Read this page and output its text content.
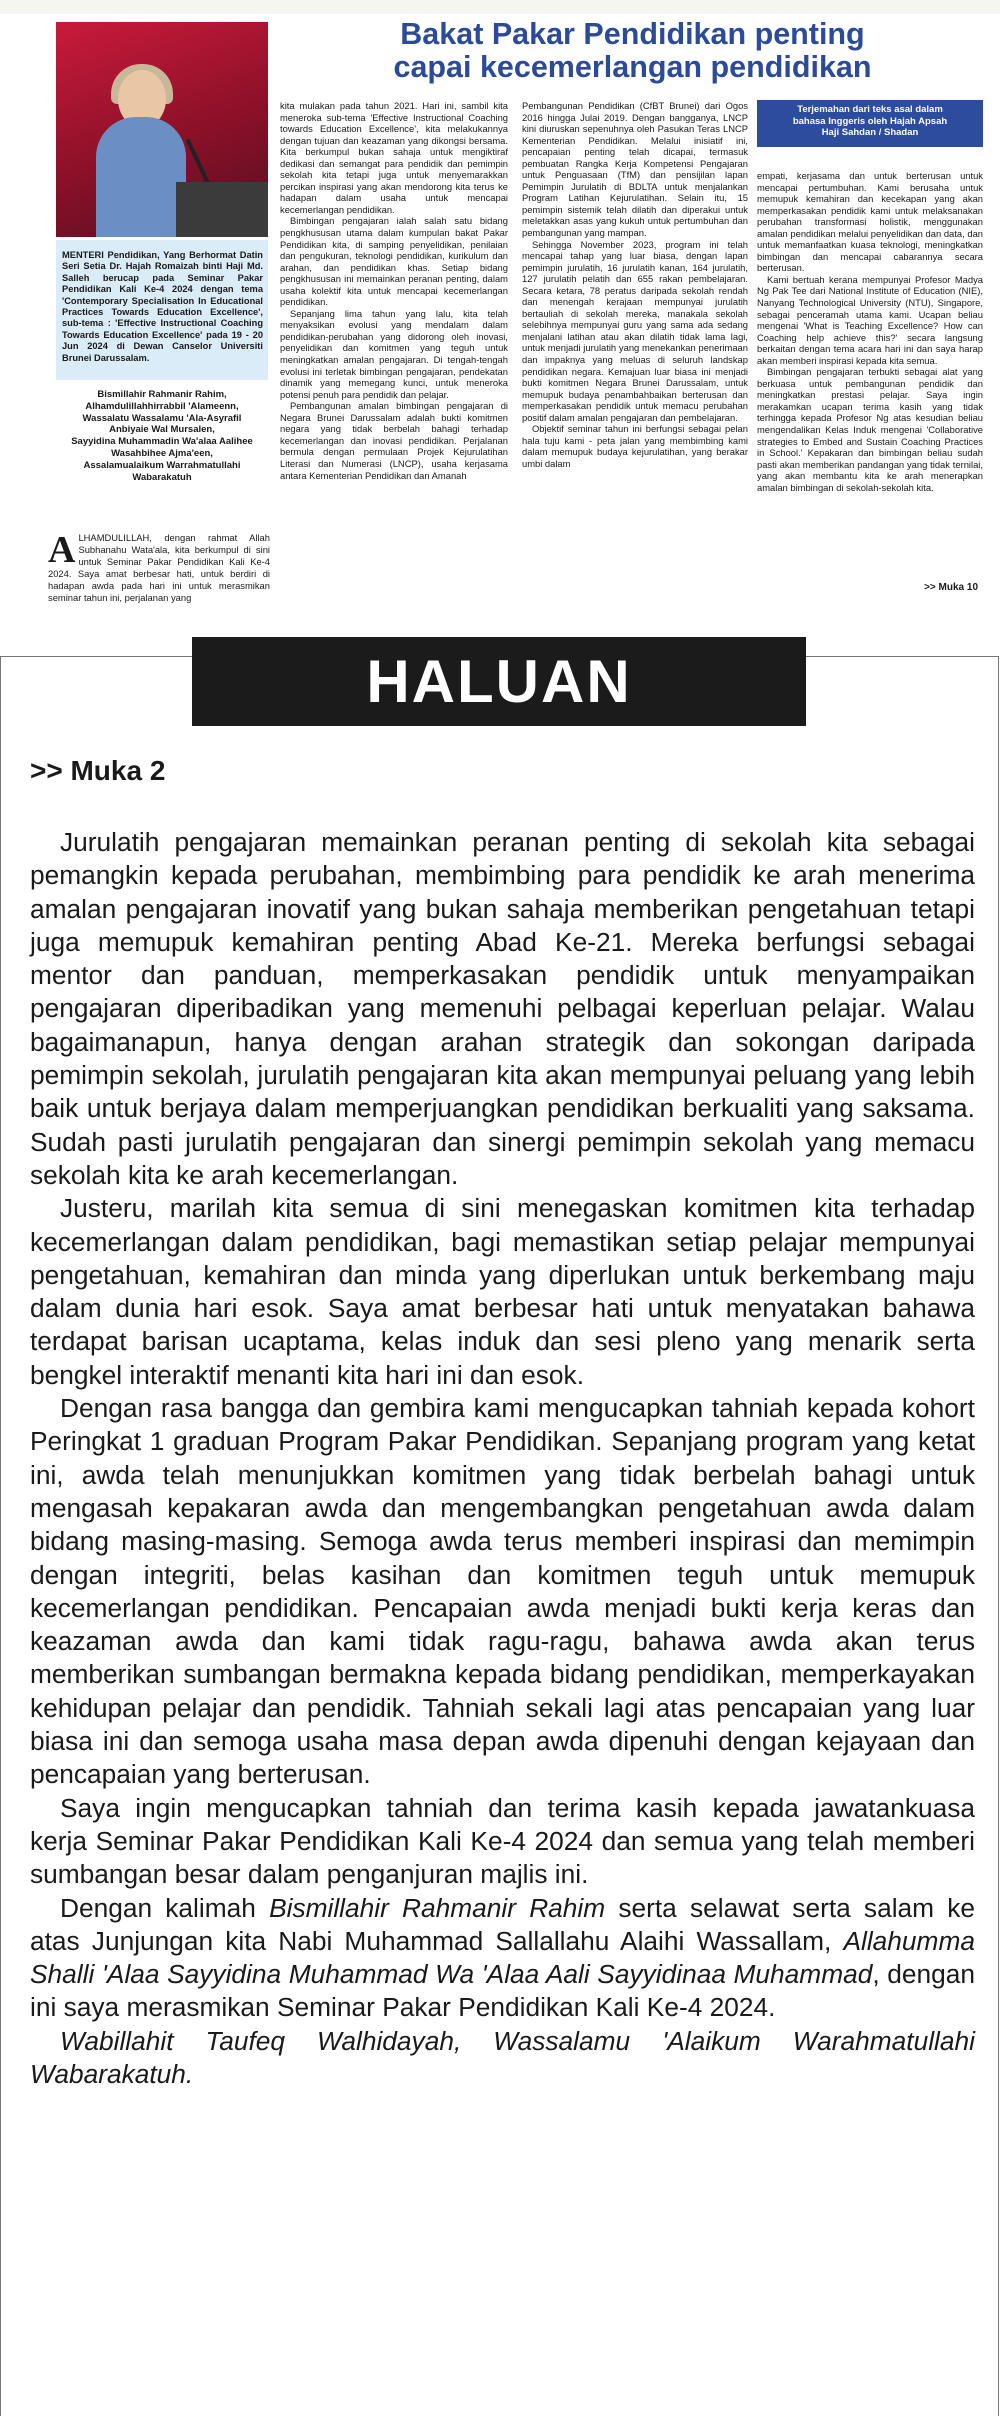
MENTERI Pendidikan, Yang Berhormat Datin Seri Setia Dr. Hajah Romaizah binti Haji Md. Salleh berucap pada Seminar Pakar Pendidikan Kali Ke-4 2024 dengan tema 'Contemporary Specialisation In Educational Practices Towards Education Excellence', sub-tema : 'Effective Instructional Coaching Towards Education Excellence' pada 19 - 20 Jun 2024 di Dewan Canselor Universiti Brunei Darussalam.
Bismillahir Rahmanir Rahim,
Alhamdulillahhirrabbil 'Alameenn,
Wassalatu Wassalamu 'Ala-Asyrafil
Anbiyaie Wal Mursalen,
Sayyidina Muhammadin Wa'alaa Aalihee
Wasahbihee Ajma'een,
Assalamualaikum Warrahmatullahi
Wabarakatuh
ALHAMDULILLAH, dengan rahmat Allah Subhanahu Wata'ala, kita berkumpul di sini untuk Seminar Pakar Pendidikan Kali Ke-4 2024. Saya amat berbesar hati, untuk berdiri di hadapan awda pada hari ini untuk merasmikan seminar tahun ini, perjalanan yang
Bakat Pakar Pendidikan penting
capai kecemerlangan pendidikan

kita mulakan pada tahun 2021. Hari ini, sambil kita meneroka sub-tema 'Effective Instructional Coaching towards Education Excellence', kita melakukannya dengan tujuan dan keazaman yang dikongsi bersama. Kita berkumpul bukan sahaja untuk mengiktiraf dedikasi dan semangat para pendidik dan pemimpin sekolah kita tetapi juga untuk menyemarakkan percikan inspirasi yang akan mendorong kita terus ke hadapan dalam usaha untuk mencapai kecemerlangan pendidikan.

Bimbingan pengajaran ialah salah satu bidang pengkhususan utama dalam kumpulan bakat Pakar Pendidikan kita, di samping penyelidikan, penilaian dan pengukuran, teknologi pendidikan, kurikulum dan arahan, dan pendidikan khas. Setiap bidang pengkhususan ini memainkan peranan penting, dalam usaha kolektif kita untuk mencapai kecemerlangan pendidikan.

Sepanjang lima tahun yang lalu, kita telah menyaksikan evolusi yang mendalam dalam pendidikan-perubahan yang didorong oleh inovasi, penyelidikan dan komitmen yang teguh untuk meningkatkan amalan pengajaran. Di tengah-tengah evolusi ini terletak bimbingan pengajaran, pendekatan dinamik yang memegang kunci, untuk meneroka potensi penuh para pendidik dan pelajar.

Pembangunan amalan bimbingan pengajaran di Negara Brunei Darussalam adalah bukti komitmen negara yang tidak berbelah bahagi terhadap kecemerlangan dan inovasi pendidikan. Perjalanan bermula dengan permulaan Projek Kejurulatihan Literasi dan Numerasi (LNCP), usaha kerjasama antara Kementerian Pendidikan dan Amanah

Pembangunan Pendidikan (CfBT Brunei) dari Ogos 2016 hingga Julai 2019. Dengan bangganya, LNCP kini diuruskan sepenuhnya oleh Pasukan Teras LNCP Kementerian Pendidikan. Melalui inisiatif ini, pencapaian penting telah dicapai, termasuk pembuatan Rangka Kerja Kompetensi Pengajaran untuk Penguasaan (TfM) dan pensijilan lapan Pemimpin Jurulatih di BDLTA untuk menjalankan Program Latihan Kejurulatihan. Selain itu, 15 pemimpin sistemik telah dilatih dan diperakui untuk meletakkan asas yang kukuh untuk pertumbuhan dan pembangunan yang mampan.

Sehingga November 2023, program ini telah mencapai tahap yang luar biasa, dengan lapan pemimpin jurulatih, 16 jurulatih kanan, 164 jurulatih, 127 jurulatih pelatih dan 655 rakan pembelajaran. Secara ketara, 78 peratus daripada sekolah rendah dan menengah kerajaan mempunyai jurulatih bertauliah di sekolah mereka, manakala sekolah selebihnya mempunyai guru yang sama ada sedang menjalani latihan atau akan dilatih tidak lama lagi, untuk menjadi jurulatih yang menekankan penerimaan dan impaknya yang meluas di seluruh landskap pendidikan negara. Kemajuan luar biasa ini menjadi bukti komitmen Negara Brunei Darussalam, untuk memupuk budaya penambahbaikan berterusan dan memperkasakan pendidik untuk memacu perubahan positif dalam amalan pengajaran dan pembelajaran.

Objektif seminar tahun ini berfungsi sebagai pelan hala tuju kami - peta jalan yang membimbing kami dalam memupuk budaya kejurulatihan, yang berakar umbi dalam

Terjemahan dari teks asal dalam
bahasa Inggeris oleh Hajah Apsah
Haji Sahdan / Shadan

empati, kerjasama dan untuk berterusan untuk mencapai pertumbuhan. Kami berusaha untuk memupuk kemahiran dan kecekapan yang akan memperkasakan pendidik kami untuk melaksanakan perubahan transformasi holistik, menggunakan amalan pendidikan melalui penyelidikan dan data, dan untuk memanfaatkan kuasa teknologi, meningkatkan bimbingan dan mencapai cabarannya secara berterusan.

Kami bertuah kerana mempunyai Profesor Madya Ng Pak Tee dari National Institute of Education (NIE), Nanyang Technological University (NTU), Singapore, sebagai penceramah utama kami. Ucapan beliau mengenai 'What is Teaching Excellence? How can Coaching help achieve this?' secara langsung berkaitan dengan tema acara hari ini dan saya harap akan memberi inspirasi kepada kita semua.

Bimbingan pengajaran terbukti sebagai alat yang berkuasa untuk pembangunan pendidik dan meningkatkan prestasi pelajar. Saya ingin merakamkan ucapan terima kasih yang tidak terhingga kepada Profesor Ng atas kesudian beliau mengendalikan Kelas Induk mengenai 'Collaborative strategies to Embed and Sustain Coaching Practices in School.' Kepakaran dan bimbingan beliau sudah pasti akan memberikan pandangan yang tidak ternilai, yang akan membantu kita ke arah menerapkan amalan bimbingan di sekolah-sekolah kita.

>> Muka 10
HALUAN
>> Muka 2

Jurulatih pengajaran memainkan peranan penting di sekolah kita sebagai pemangkin kepada perubahan, membimbing para pendidik ke arah menerima amalan pengajaran inovatif yang bukan sahaja memberikan pengetahuan tetapi juga memupuk kemahiran penting Abad Ke-21. Mereka berfungsi sebagai mentor dan panduan, memperkasakan pendidik untuk menyampaikan pengajaran diperibadikan yang memenuhi pelbagai keperluan pelajar. Walau bagaimanapun, hanya dengan arahan strategik dan sokongan daripada pemimpin sekolah, jurulatih pengajaran kita akan mempunyai peluang yang lebih baik untuk berjaya dalam memperjuangkan pendidikan berkualiti yang saksama. Sudah pasti jurulatih pengajaran dan sinergi pemimpin sekolah yang memacu sekolah kita ke arah kecemerlangan.

Justeru, marilah kita semua di sini menegaskan komitmen kita terhadap kecemerlangan dalam pendidikan, bagi memastikan setiap pelajar mempunyai pengetahuan, kemahiran dan minda yang diperlukan untuk berkembang maju dalam dunia hari esok. Saya amat berbesar hati untuk menyatakan bahawa terdapat barisan ucaptama, kelas induk dan sesi pleno yang menarik serta bengkel interaktif menanti kita hari ini dan esok.

Dengan rasa bangga dan gembira kami mengucapkan tahniah kepada kohort Peringkat 1 graduan Program Pakar Pendidikan. Sepanjang program yang ketat ini, awda telah menunjukkan komitmen yang tidak berbelah bahagi untuk mengasah kepakaran awda dan mengembangkan pengetahuan awda dalam bidang masing-masing. Semoga awda terus memberi inspirasi dan memimpin dengan integriti, belas kasihan dan komitmen teguh untuk memupuk kecemerlangan pendidikan. Pencapaian awda menjadi bukti kerja keras dan keazaman awda dan kami tidak ragu-ragu, bahawa awda akan terus memberikan sumbangan bermakna kepada bidang pendidikan, memperkayakan kehidupan pelajar dan pendidik. Tahniah sekali lagi atas pencapaian yang luar biasa ini dan semoga usaha masa depan awda dipenuhi dengan kejayaan dan pencapaian yang berterusan.

Saya ingin mengucapkan tahniah dan terima kasih kepada jawatankuasa kerja Seminar Pakar Pendidikan Kali Ke-4 2024 dan semua yang telah memberi sumbangan besar dalam penganjuran majlis ini.

Dengan kalimah Bismillahir Rahmanir Rahim serta selawat serta salam ke atas Junjungan kita Nabi Muhammad Sallallahu Alaihi Wassallam, Allahumma Shalli 'Alaa Sayyidina Muhammad Wa 'Alaa Aali Sayyidinaa Muhammad, dengan ini saya merasmikan Seminar Pakar Pendidikan Kali Ke-4 2024.

Wabillahit Taufeq Walhidayah, Wassalamu 'Alaikum Warahmatullahi Wabarakatuh.
